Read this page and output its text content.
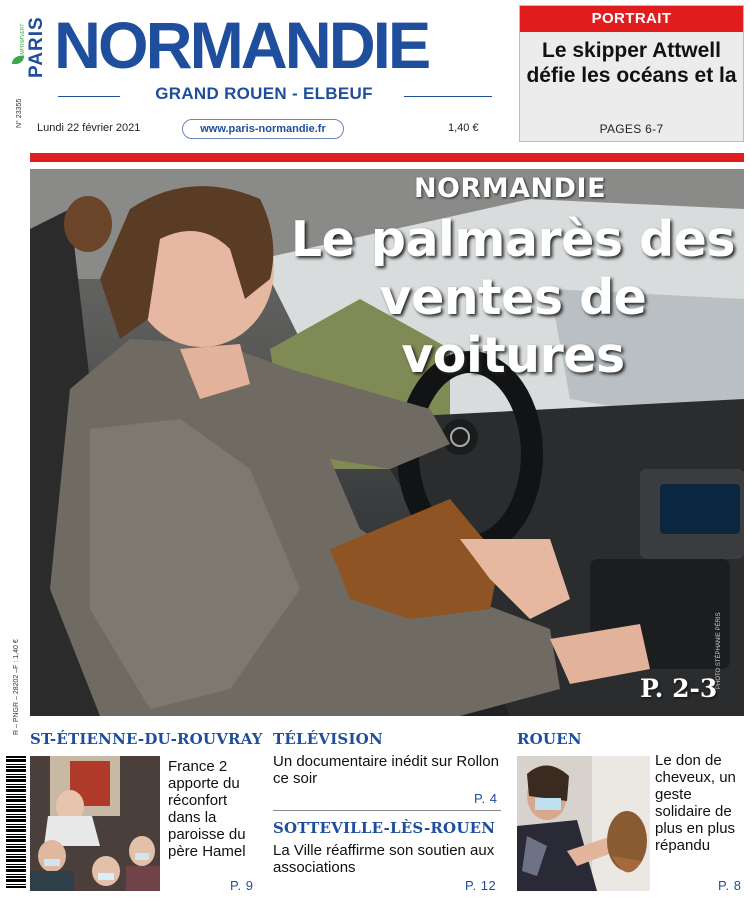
IMPRIM'VERT PARIS
N° 23355
NORMANDIE
GRAND ROUEN - ELBEUF
Lundi 22 février 2021	www.paris-normandie.fr	1,40 €
PORTRAIT
Le skipper Attwell défie les océans et la
PAGES 6-7
NORMANDIE
Le palmarès des ventes de voitures
PHOTO STÉPHANIE PÉRIS
P. 2-3
R – PNGR – 28202 –F : 1,40 €
ST-ÉTIENNE-DU-ROUVRAY
France 2 apporte du réconfort dans la paroisse du père Hamel
P. 9
TÉLÉVISION
Un documentaire inédit sur Rollon ce soir
P. 4
SOTTEVILLE-LÈS-ROUEN
La Ville réaffirme son soutien aux associations
P. 12
ROUEN
Le don de cheveux, un geste solidaire de plus en plus répandu
P. 8
